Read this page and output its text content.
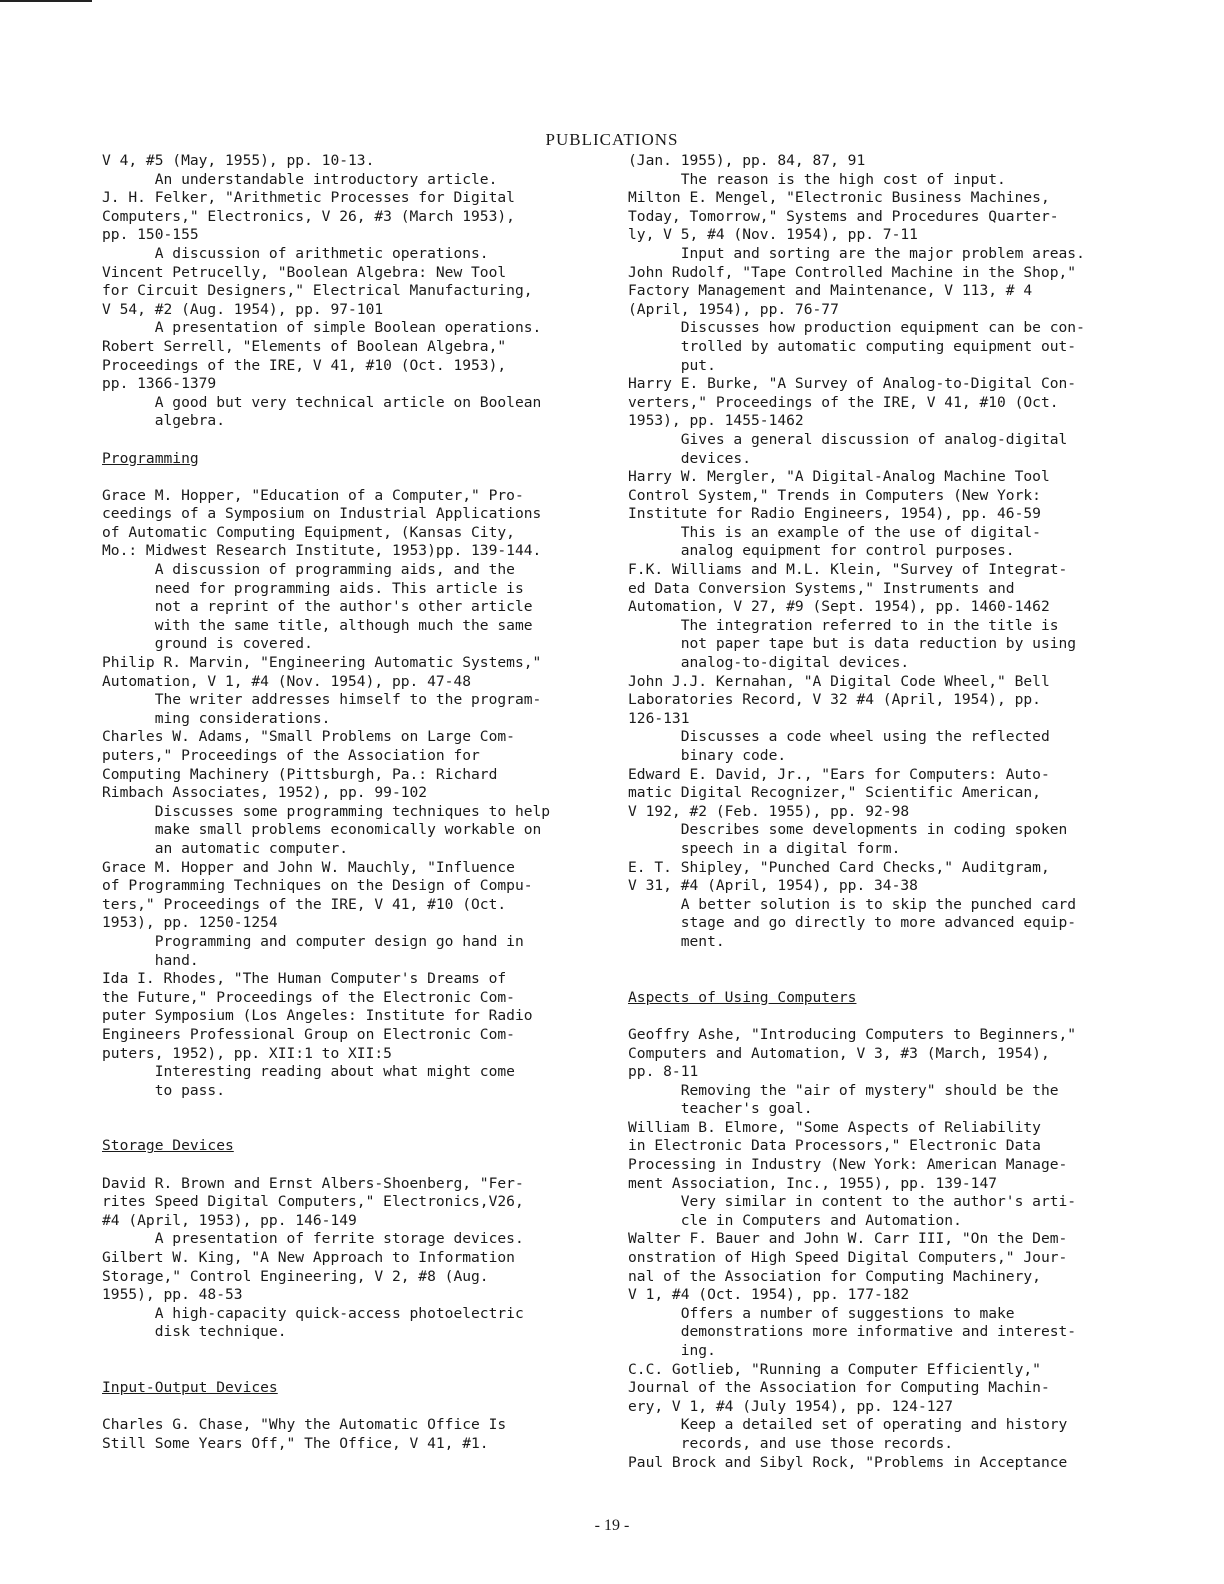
PUBLICATIONS
V 4, #5 (May, 1955), pp. 10-13.
An understandable introductory article.
J. H. Felker, "Arithmetic Processes for Digital
Computers," Electronics, V 26, #3 (March 1953),
pp. 150-155
A discussion of arithmetic operations.
Vincent Petrucelly, "Boolean Algebra: New Tool
for Circuit Designers," Electrical Manufacturing,
V 54, #2 (Aug. 1954), pp. 97-101
A presentation of simple Boolean operations.
Robert Serrell, "Elements of Boolean Algebra,"
Proceedings of the IRE, V 41, #10 (Oct. 1953),
pp. 1366-1379
A good but very technical article on Boolean
algebra.
Programming
Grace M. Hopper, "Education of a Computer," Pro-
ceedings of a Symposium on Industrial Applications
of Automatic Computing Equipment, (Kansas City,
Mo.: Midwest Research Institute, 1953)pp. 139-144.
A discussion of programming aids, and the
need for programming aids. This article is
not a reprint of the author's other article
with the same title, although much the same
ground is covered.
Philip R. Marvin, "Engineering Automatic Systems,"
Automation, V 1, #4 (Nov. 1954), pp. 47-48
The writer addresses himself to the program-
ming considerations.
Charles W. Adams, "Small Problems on Large Com-
puters," Proceedings of the Association for
Computing Machinery (Pittsburgh, Pa.: Richard
Rimbach Associates, 1952), pp. 99-102
Discusses some programming techniques to help
make small problems economically workable on
an automatic computer.
Grace M. Hopper and John W. Mauchly, "Influence
of Programming Techniques on the Design of Compu-
ters," Proceedings of the IRE, V 41, #10 (Oct.
1953), pp. 1250-1254
Programming and computer design go hand in
hand.
Ida I. Rhodes, "The Human Computer's Dreams of
the Future," Proceedings of the Electronic Com-
puter Symposium (Los Angeles: Institute for Radio
Engineers Professional Group on Electronic Com-
puters, 1952), pp. XII:1 to XII:5
Interesting reading about what might come
to pass.
Storage Devices
David R. Brown and Ernst Albers-Shoenberg, "Fer-
rites Speed Digital Computers," Electronics,V26,
#4 (April, 1953), pp. 146-149
A presentation of ferrite storage devices.
Gilbert W. King, "A New Approach to Information
Storage," Control Engineering, V 2, #8 (Aug.
1955), pp. 48-53
A high-capacity quick-access photoelectric
disk technique.
Input-Output Devices
Charles G. Chase, "Why the Automatic Office Is
Still Some Years Off," The Office, V 41, #1.
(Jan. 1955), pp. 84, 87, 91
The reason is the high cost of input.
Milton E. Mengel, "Electronic Business Machines,
Today, Tomorrow," Systems and Procedures Quarter-
ly, V 5, #4 (Nov. 1954), pp. 7-11
Input and sorting are the major problem areas.
John Rudolf, "Tape Controlled Machine in the Shop,"
Factory Management and Maintenance, V 113, # 4
(April, 1954), pp. 76-77
Discusses how production equipment can be con-
trolled by automatic computing equipment out-
put.
Harry E. Burke, "A Survey of Analog-to-Digital Con-
verters," Proceedings of the IRE, V 41, #10 (Oct.
1953), pp. 1455-1462
Gives a general discussion of analog-digital
devices.
Harry W. Mergler, "A Digital-Analog Machine Tool
Control System," Trends in Computers (New York:
Institute for Radio Engineers, 1954), pp. 46-59
This is an example of the use of digital-
analog equipment for control purposes.
F.K. Williams and M.L. Klein, "Survey of Integrat-
ed Data Conversion Systems," Instruments and
Automation, V 27, #9 (Sept. 1954), pp. 1460-1462
The integration referred to in the title is
not paper tape but is data reduction by using
analog-to-digital devices.
John J.J. Kernahan, "A Digital Code Wheel," Bell
Laboratories Record, V 32 #4 (April, 1954), pp.
126-131
Discusses a code wheel using the reflected
binary code.
Edward E. David, Jr., "Ears for Computers: Auto-
matic Digital Recognizer," Scientific American,
V 192, #2 (Feb. 1955), pp. 92-98
Describes some developments in coding spoken
speech in a digital form.
E. T. Shipley, "Punched Card Checks," Auditgram,
V 31, #4 (April, 1954), pp. 34-38
A better solution is to skip the punched card
stage and go directly to more advanced equip-
ment.
Aspects of Using Computers
Geoffry Ashe, "Introducing Computers to Beginners,"
Computers and Automation, V 3, #3 (March, 1954),
pp. 8-11
Removing the "air of mystery" should be the
teacher's goal.
William B. Elmore, "Some Aspects of Reliability
in Electronic Data Processors," Electronic Data
Processing in Industry (New York: American Manage-
ment Association, Inc., 1955), pp. 139-147
Very similar in content to the author's arti-
cle in Computers and Automation.
Walter F. Bauer and John W. Carr III, "On the Dem-
onstration of High Speed Digital Computers," Jour-
nal of the Association for Computing Machinery,
V 1, #4 (Oct. 1954), pp. 177-182
Offers a number of suggestions to make
demonstrations more informative and interest-
ing.
C.C. Gotlieb, "Running a Computer Efficiently,"
Journal of the Association for Computing Machin-
ery, V 1, #4 (July 1954), pp. 124-127
Keep a detailed set of operating and history
records, and use those records.
Paul Brock and Sibyl Rock, "Problems in Acceptance
- 19 -
